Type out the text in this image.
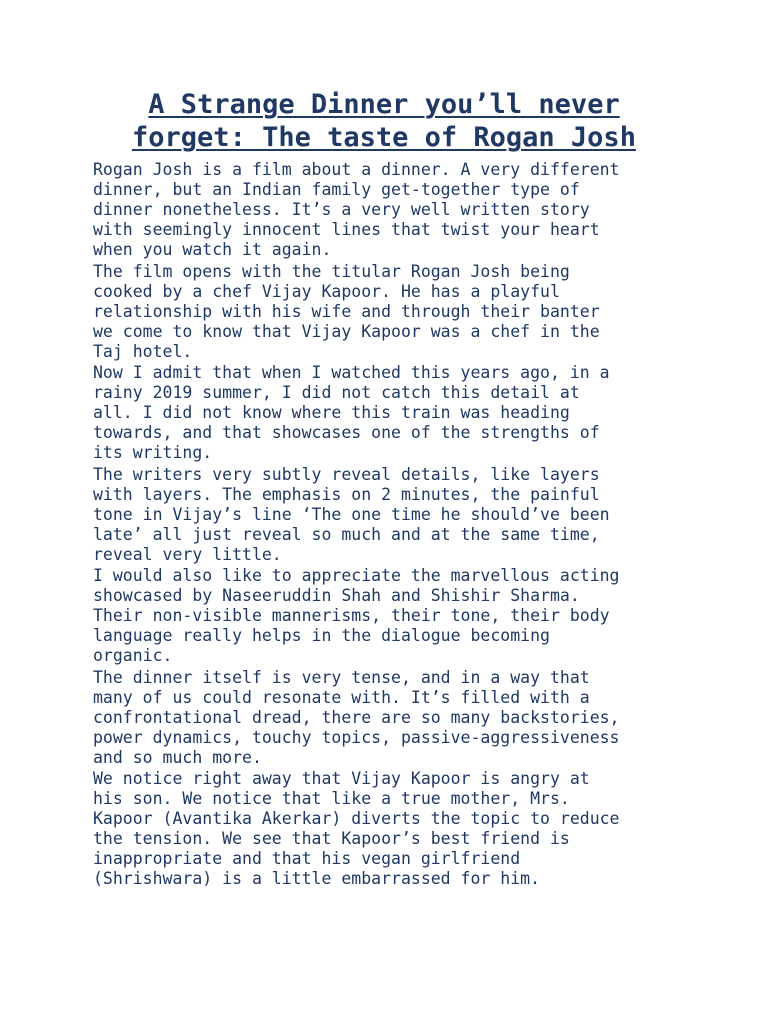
A Strange Dinner you’ll never
forget: The taste of Rogan Josh

Rogan Josh is a film about a dinner. A very different
dinner, but an Indian family get-together type of
dinner nonetheless. It’s a very well written story
with seemingly innocent lines that twist your heart
when you watch it again.

The film opens with the titular Rogan Josh being
cooked by a chef Vijay Kapoor. He has a playful
relationship with his wife and through their banter
we come to know that Vijay Kapoor was a chef in the
Taj hotel.

Now I admit that when I watched this years ago, in a
rainy 2019 summer, I did not catch this detail at
all. I did not know where this train was heading
towards, and that showcases one of the strengths of
its writing.

The writers very subtly reveal details, like layers
with layers. The emphasis on 2 minutes, the painful
tone in Vijay’s line ‘The one time he should’ve been
late’ all just reveal so much and at the same time,
reveal very little.

I would also like to appreciate the marvellous acting
showcased by Naseeruddin Shah and Shishir Sharma.
Their non-visible mannerisms, their tone, their body
language really helps in the dialogue becoming
organic.

The dinner itself is very tense, and in a way that
many of us could resonate with. It’s filled with a
confrontational dread, there are so many backstories,
power dynamics, touchy topics, passive-aggressiveness
and so much more.

We notice right away that Vijay Kapoor is angry at
his son. We notice that like a true mother, Mrs.
Kapoor (Avantika Akerkar) diverts the topic to reduce
the tension. We see that Kapoor’s best friend is
inappropriate and that his vegan girlfriend
(Shrishwara) is a little embarrassed for him.
